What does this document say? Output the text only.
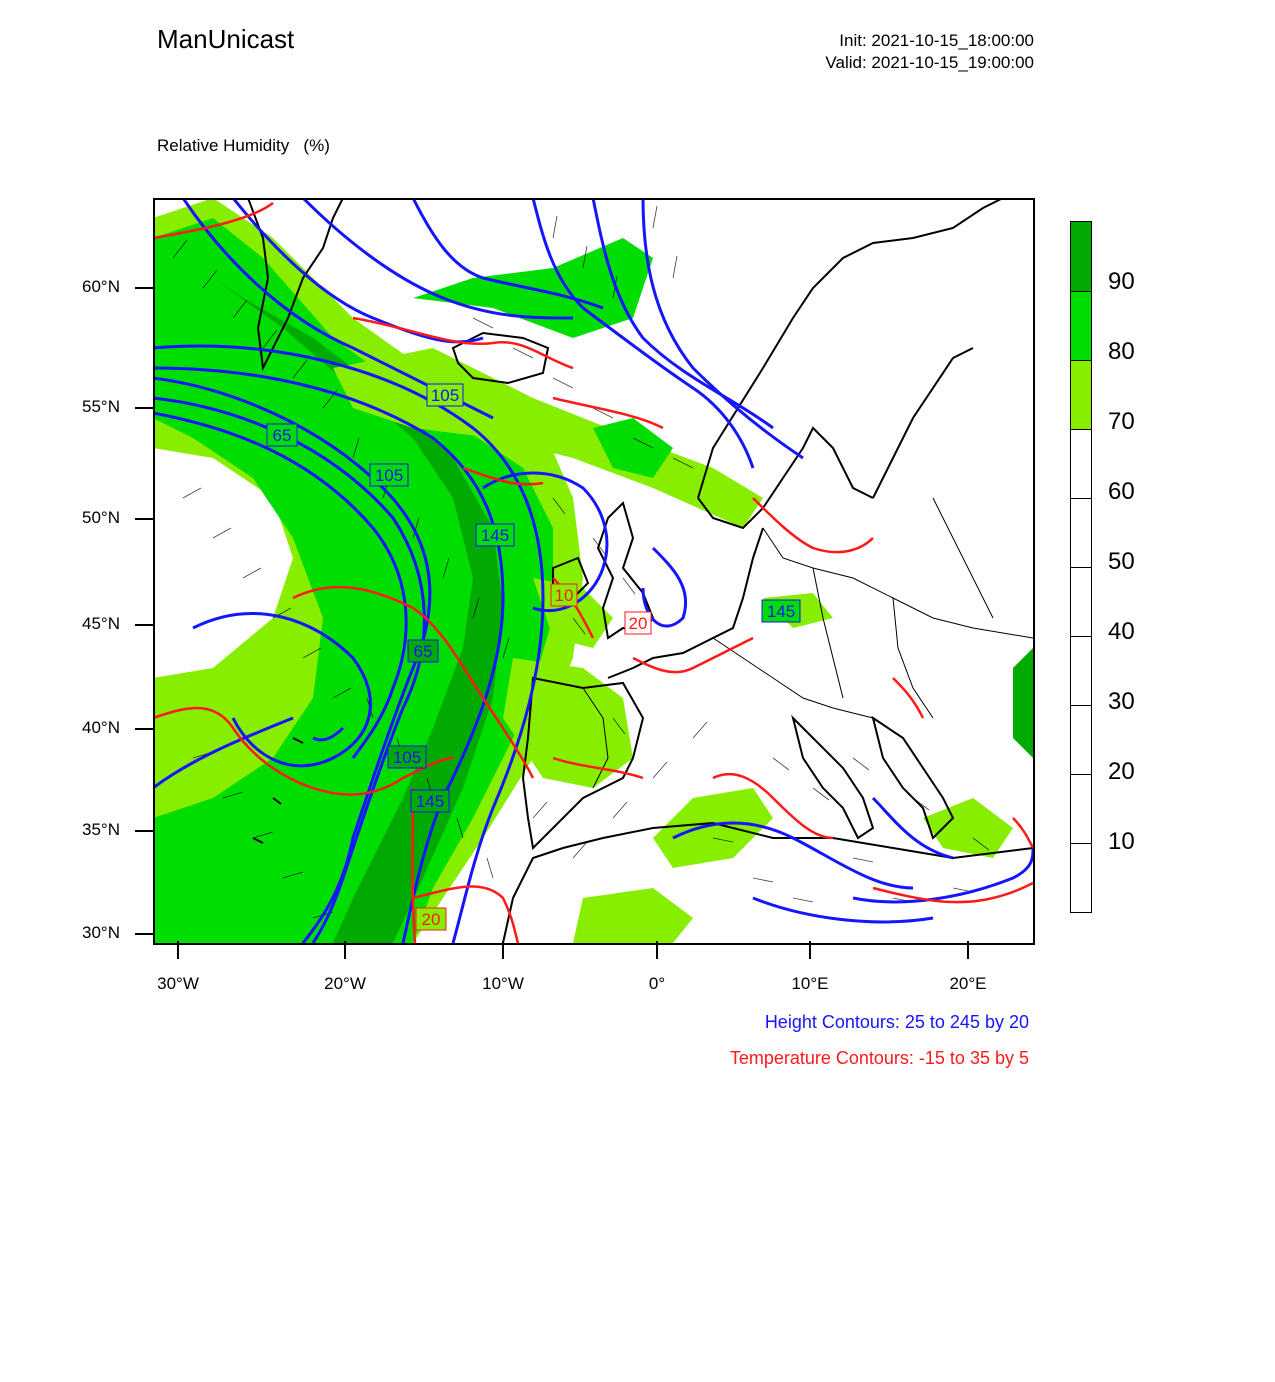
ManUnicast	Init: 2021-10-15_18:00:00
Valid: 2021-10-15_19:00:00

Relative Humidity   (%)

105
65
105
145
65
105
145
145
10
20
20
60°N
55°N
50°N
45°N
40°N
35°N
30°N
30°W	20°W	10°W	0°	10°E	20°E
Height Contours: 25 to 245 by 20
Temperature Contours: -15 to 35 by 5
90
80
70
60
50
40
30
20
10
